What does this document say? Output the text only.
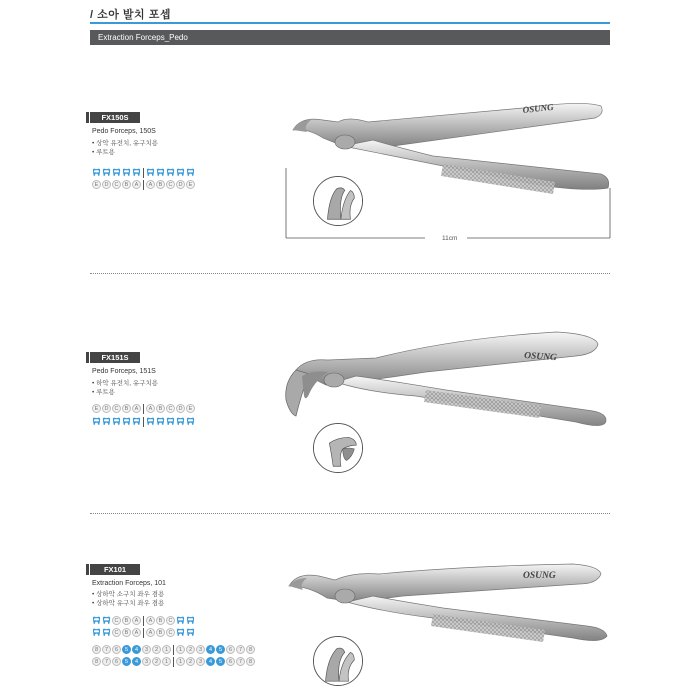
/ 소아 발치 포셉
Extraction Forceps_Pedo
FX150S
Pedo Forceps, 150S
• 상악 유전치, 유구치용
• 루트용
E	D	C	B	A	A	B	C	D	E
OSUNG
11cm
FX151S
Pedo Forceps, 151S
• 하악 유전치, 유구치용
• 루트용
E	D	C	B	A	A	B	C	D	E
OSUNG
FX101
Extraction Forceps, 101
• 상하악 소구치 좌우 겸용
• 상하악 유구치 좌우 겸용
C	B	A	A	B	C
C	B	A	A	B	C
8	7	6	5	4	3	2	1	1	2	3	4	5	6	7	8
8	7	6	5	4	3	2	1	1	2	3	4	5	6	7	8
OSUNG
